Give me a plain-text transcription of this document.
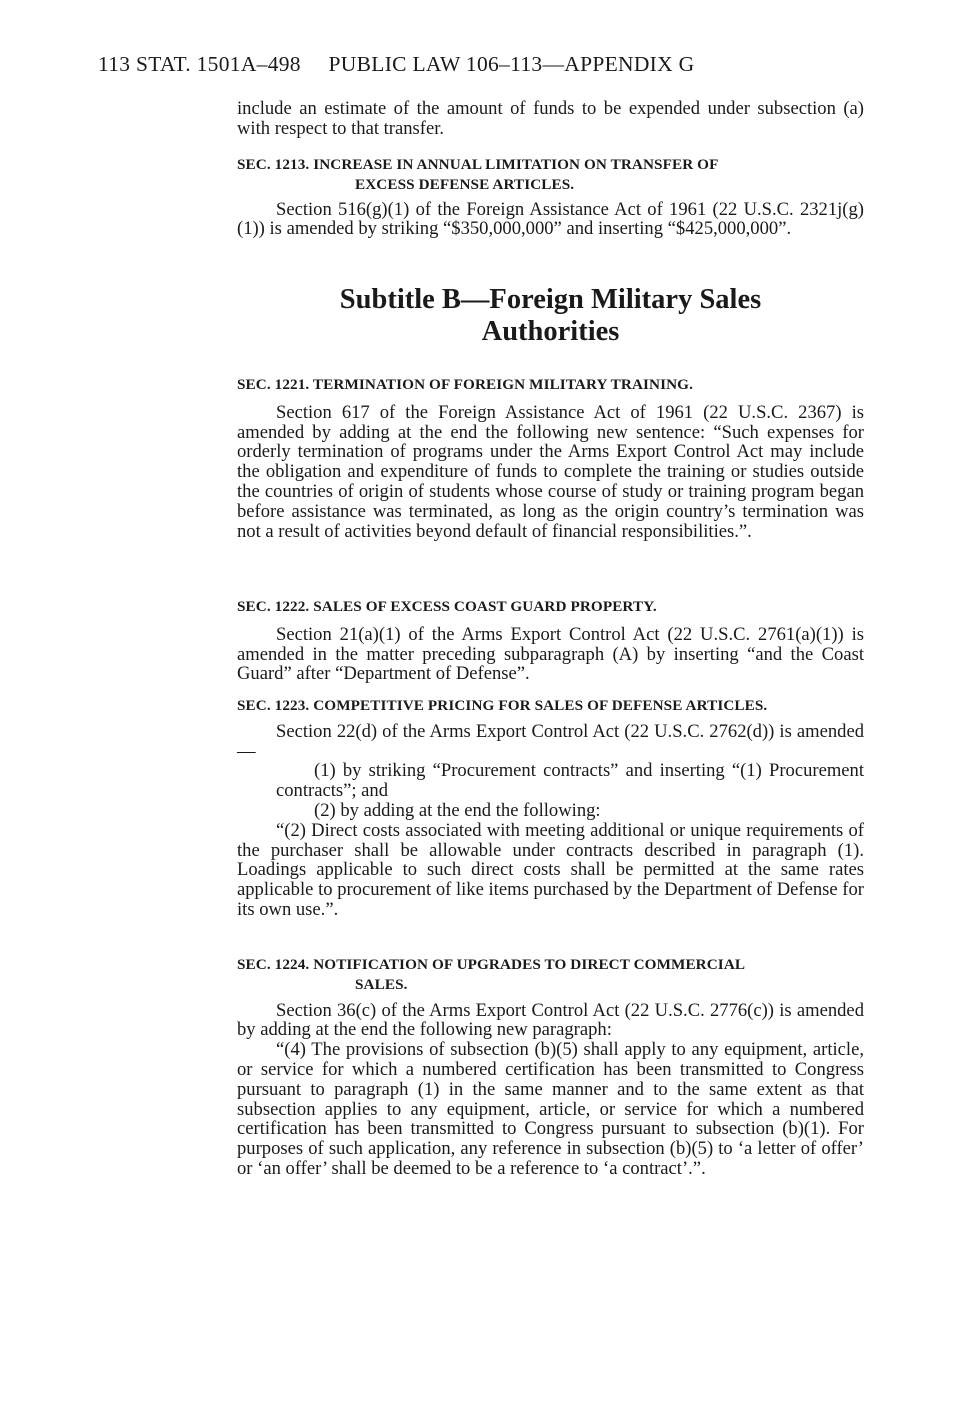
113 STAT. 1501A–498 PUBLIC LAW 106–113—APPENDIX G

include an estimate of the amount of funds to be expended under subsection (a) with respect to that transfer.

SEC. 1213. INCREASE IN ANNUAL LIMITATION ON TRANSFER OF
EXCESS DEFENSE ARTICLES.

Section 516(g)(1) of the Foreign Assistance Act of 1961 (22 U.S.C. 2321j(g)(1)) is amended by striking “$350,000,000” and inserting “$425,000,000”.

Subtitle B—Foreign Military Sales
Authorities
SEC. 1221. TERMINATION OF FOREIGN MILITARY TRAINING.

Section 617 of the Foreign Assistance Act of 1961 (22 U.S.C. 2367) is amended by adding at the end the following new sentence: “Such expenses for orderly termination of programs under the Arms Export Control Act may include the obligation and expenditure of funds to complete the training or studies outside the countries of origin of students whose course of study or training program began before assistance was terminated, as long as the origin country’s termination was not a result of activities beyond default of financial responsibilities.”.

SEC. 1222. SALES OF EXCESS COAST GUARD PROPERTY.

Section 21(a)(1) of the Arms Export Control Act (22 U.S.C. 2761(a)(1)) is amended in the matter preceding subparagraph (A) by inserting “and the Coast Guard” after “Department of Defense”.

SEC. 1223. COMPETITIVE PRICING FOR SALES OF DEFENSE ARTICLES.

Section 22(d) of the Arms Export Control Act (22 U.S.C. 2762(d)) is amended—

(1) by striking “Procurement contracts” and inserting “(1) Procurement contracts”; and

(2) by adding at the end the following:

“(2) Direct costs associated with meeting additional or unique requirements of the purchaser shall be allowable under contracts described in paragraph (1). Loadings applicable to such direct costs shall be permitted at the same rates applicable to procurement of like items purchased by the Department of Defense for its own use.”.

SEC. 1224. NOTIFICATION OF UPGRADES TO DIRECT COMMERCIAL
SALES.

Section 36(c) of the Arms Export Control Act (22 U.S.C. 2776(c)) is amended by adding at the end the following new paragraph:

“(4) The provisions of subsection (b)(5) shall apply to any equipment, article, or service for which a numbered certification has been transmitted to Congress pursuant to paragraph (1) in the same manner and to the same extent as that subsection applies to any equipment, article, or service for which a numbered certification has been transmitted to Congress pursuant to subsection (b)(1). For purposes of such application, any reference in subsection (b)(5) to ‘a letter of offer’ or ‘an offer’ shall be deemed to be a reference to ‘a contract’.”.
